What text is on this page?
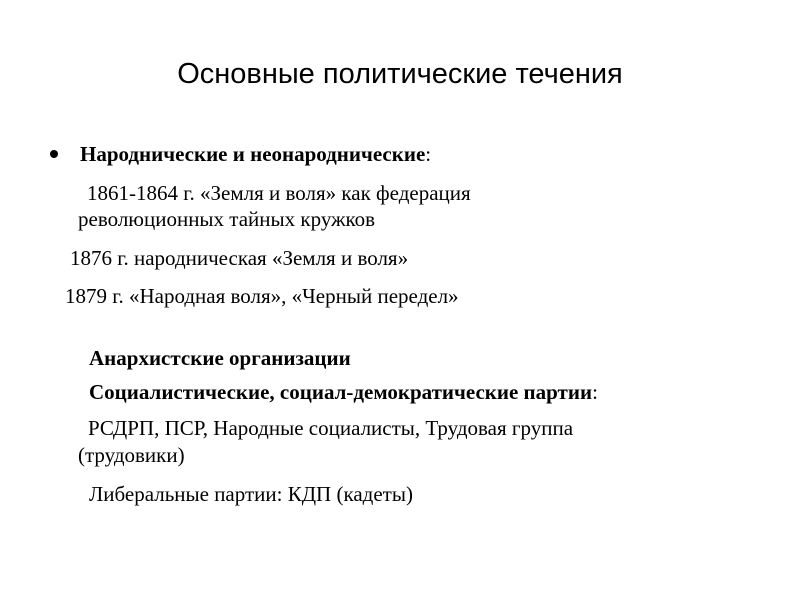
Основные политические течения
Народнические и неонароднические:
1861-1864 г. «Земля и воля» как федерация
революционных тайных кружков
1876 г. народническая «Земля и воля»
1879 г. «Народная воля», «Черный передел»
Анархистские организации
Социалистические, социал-демократические партии:
РСДРП, ПСР, Народные социалисты, Трудовая группа
(трудовики)
Либеральные партии: КДП (кадеты)
